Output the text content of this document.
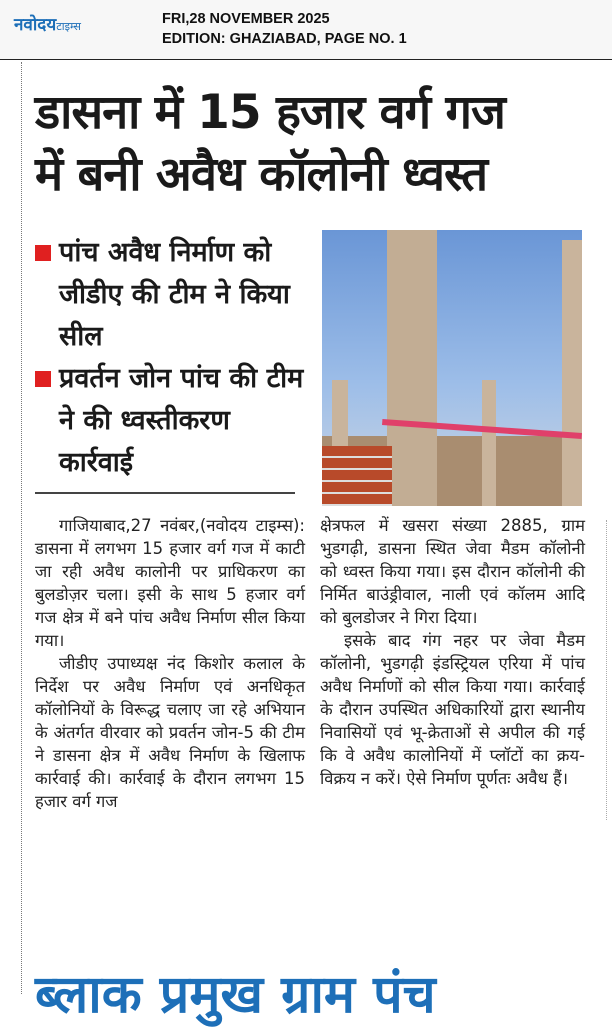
नवोदयटाइम्स	FRI,28 NOVEMBER 2025
EDITION: GHAZIABAD, PAGE NO. 1
डासना में 15 हजार वर्ग गज
में बनी अवैध कॉलोनी ध्वस्त
पांच अवैध निर्माण को जीडीए की टीम ने किया सील
प्रवर्तन जोन पांच की टीम ने की ध्वस्तीकरण कार्रवाई

गाजियाबाद,27 नवंबर,(नवोदय टाइम्स): डासना में लगभग 15 हजार वर्ग गज में काटी जा रही अवैध कालोनी पर प्राधिकरण का बुलडोज़र चला। इसी के साथ 5 हजार वर्ग गज क्षेत्र में बने पांच अवैध निर्माण सील किया गया।

जीडीए उपाध्यक्ष नंद किशोर कलाल के निर्देश पर अवैध निर्माण एवं अनधिकृत कॉलोनियों के विरूद्ध चलाए जा रहे अभियान के अंतर्गत वीरवार को प्रवर्तन जोन-5 की टीम ने डासना क्षेत्र में अवैध निर्माण के खिलाफ कार्रवाई की। कार्रवाई के दौरान लगभग 15 हजार वर्ग गज

क्षेत्रफल में खसरा संख्या 2885, ग्राम भुडगढ़ी, डासना स्थित जेवा मैडम कॉलोनी को ध्वस्त किया गया। इस दौरान कॉलोनी की निर्मित बाउंड्रीवाल, नाली एवं कॉलम आदि को बुलडोजर ने गिरा दिया।

इसके बाद गंग नहर पर जेवा मैडम कॉलोनी, भुडगढ़ी इंडस्ट्रियल एरिया में पांच अवैध निर्माणों को सील किया गया। कार्रवाई के दौरान उपस्थित अधिकारियों द्वारा स्थानीय निवासियों एवं भू-क्रेताओं से अपील की गई कि वे अवैध कालोनियों में प्लॉटों का क्रय-विक्रय न करें। ऐसे निर्माण पूर्णतः अवैध हैं।

ब्लाक प्रमुख ग्राम पंच
